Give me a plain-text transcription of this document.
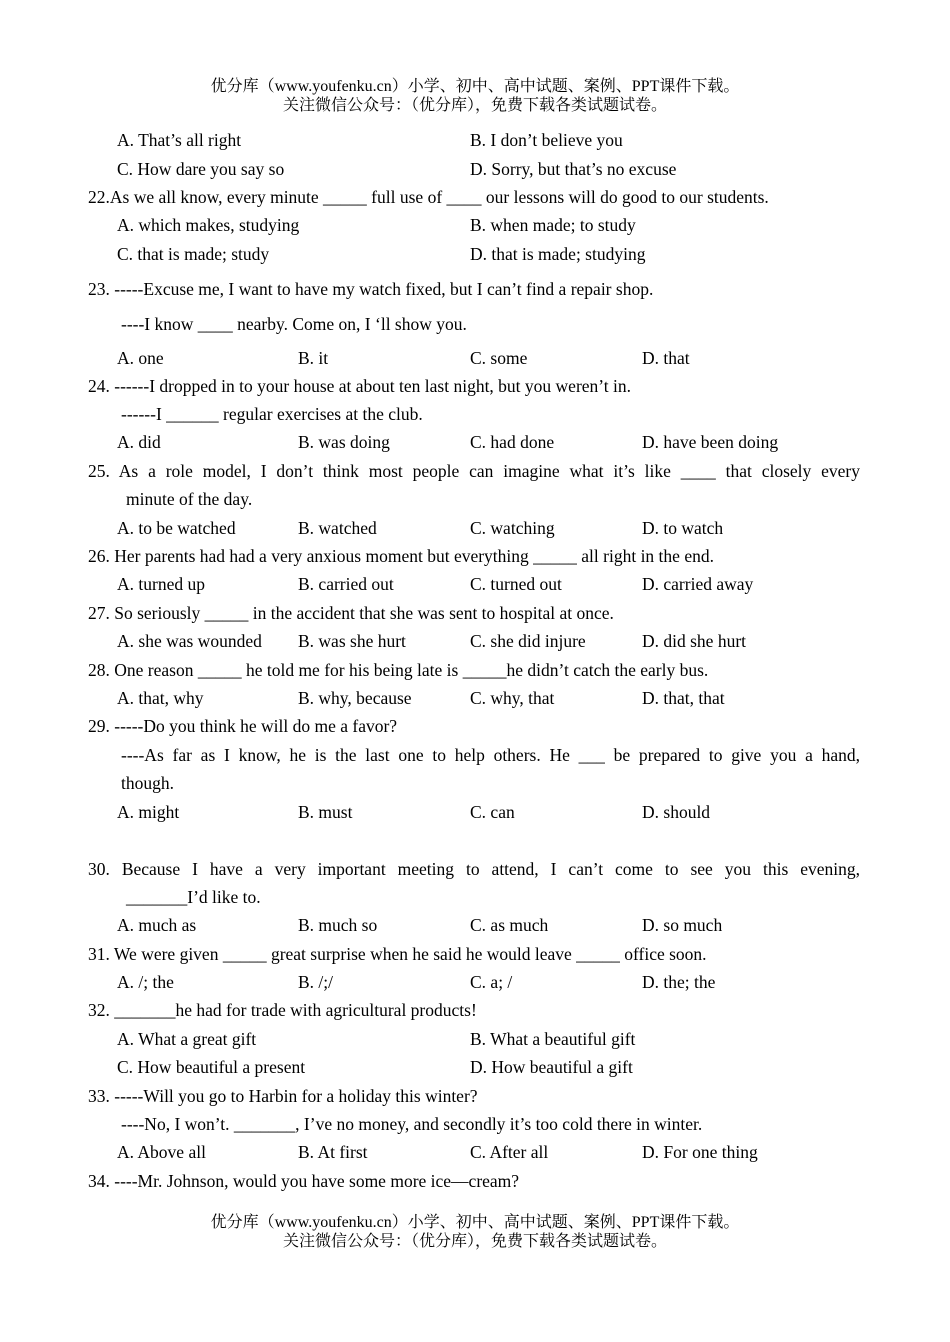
优分库（www.youfenku.cn）小学、初中、高中试题、案例、PPT课件下载。
关注微信公众号：（优分库），免费下载各类试题试卷。
A. That’s all right	B. I don’t believe you
C. How dare you say so	D. Sorry, but that’s no excuse
22.As we all know, every minute _____ full use of ____ our lessons will do good to our students.
A. which makes, studying	B. when made; to study
C. that is made; study	D. that is made; studying
23. -----Excuse me, I want to have my watch fixed, but I can’t find a repair shop.
----I know ____ nearby. Come on, I ‘ll show you.
A. one	B. it	C. some	D. that
24. ------I dropped in to your house at about ten last night, but you weren’t in.
------I ______ regular exercises at the club.
A. did	B. was doing	C. had done	D. have been doing
25. As a role model, I don’t think most people can imagine what it’s like ____ that closely every
minute of the day.
A. to be watched	B. watched	C. watching	D. to watch
26. Her parents had had a very anxious moment but everything _____ all right in the end.
A. turned up	B. carried out	C. turned out	D. carried away
27. So seriously _____ in the accident that she was sent to hospital at once.
A. she was wounded B. was she hurt	C. she did injure	D. did she hurt
28. One reason _____ he told me for his being late is _____he didn’t catch the early bus.
A. that, why	B. why, because	C. why, that	D. that, that
29. -----Do you think he will do me a favor?
----As far as I know, he is the last one to help others. He ___ be prepared to give you a hand,
though.
A. might	B. must	C. can	D. should
30. Because I have a very important meeting to attend, I can’t come to see you this evening,
_______I’d like to.
A. much as	B. much so	C. as much	D. so much
31. We were given _____ great surprise when he said he would leave _____ office soon.
A. /; the	B. /;/	C. a; /	D. the; the
32. _______he had for trade with agricultural products!
A. What a great gift	B. What a beautiful gift
C. How beautiful a present	D. How beautiful a gift
33. -----Will you go to Harbin for a holiday this winter?
----No, I won’t. _______, I’ve no money, and secondly it’s too cold there in winter.
A. Above all	B. At first	C. After all	D. For one thing
34. ----Mr. Johnson, would you have some more ice—cream?
优分库（www.youfenku.cn）小学、初中、高中试题、案例、PPT课件下载。
关注微信公众号：（优分库），免费下载各类试题试卷。
